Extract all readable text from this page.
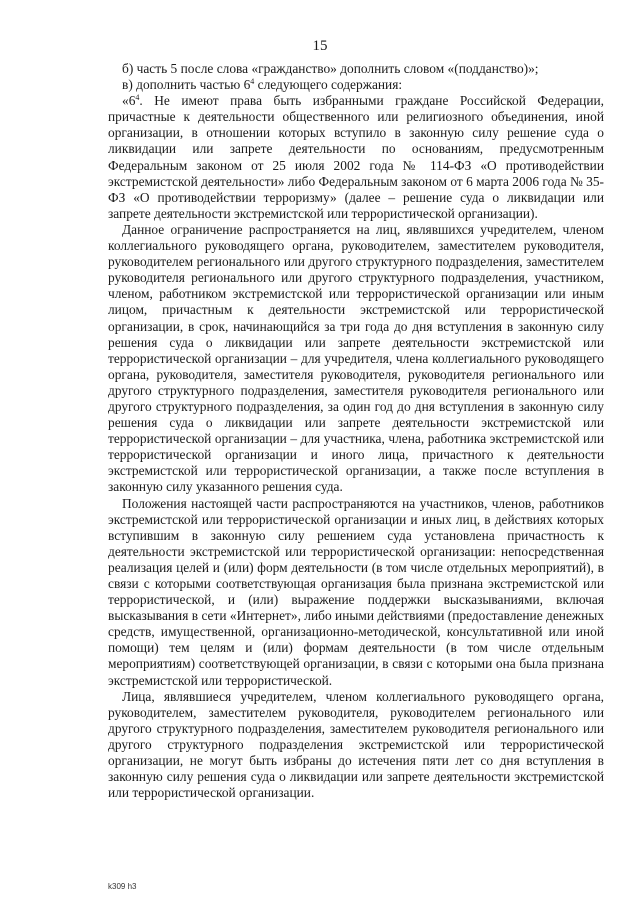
15

б) часть 5 после слова «гражданство» дополнить словом «(подданство)»;

в) дополнить частью $6^4$ следующего содержания:

«$6^4$. Не имеют права быть избранными граждане Российской Федерации, причастные к деятельности общественного или религиозного объединения, иной организации, в отношении которых вступило в законную силу решение суда о ликвидации или запрете деятельности по основаниям, предусмотренным Федеральным законом от 25 июля 2002 года № 114-ФЗ «О противодействии экстремистской деятельности» либо Федеральным законом от 6 марта 2006 года № 35-ФЗ «О противодействии терроризму» (далее – решение суда о ликвидации или запрете деятельности экстремистской или террористической организации).

Данное ограничение распространяется на лиц, являвшихся учредителем, членом коллегиального руководящего органа, руководителем, заместителем руководителя, руководителем регионального или другого структурного подразделения, заместителем руководителя регионального или другого структурного подразделения, участником, членом, работником экстремистской или террористической организации или иным лицом, причастным к деятельности экстремистской или террористической организации, в срок, начинающийся за три года до дня вступления в законную силу решения суда о ликвидации или запрете деятельности экстремистской или террористической организации – для учредителя, члена коллегиального руководящего органа, руководителя, заместителя руководителя, руководителя регионального или другого структурного подразделения, заместителя руководителя регионального или другого структурного подразделения, за один год до дня вступления в законную силу решения суда о ликвидации или запрете деятельности экстремистской или террористической организации – для участника, члена, работника экстремистской или террористической организации и иного лица, причастного к деятельности экстремистской или террористической организации, а также после вступления в законную силу указанного решения суда.

Положения настоящей части распространяются на участников, членов, работников экстремистской или террористической организации и иных лиц, в действиях которых вступившим в законную силу решением суда установлена причастность к деятельности экстремистской или террористической организации: непосредственная реализация целей и (или) форм деятельности (в том числе отдельных мероприятий), в связи с которыми соответствующая организация была признана экстремистской или террористической, и (или) выражение поддержки высказываниями, включая высказывания в сети «Интернет», либо иными действиями (предоставление денежных средств, имущественной, организационно-методической, консультативной или иной помощи) тем целям и (или) формам деятельности (в том числе отдельным мероприятиям) соответствующей организации, в связи с которыми она была признана экстремистской или террористической.

Лица, являвшиеся учредителем, членом коллегиального руководящего органа, руководителем, заместителем руководителя, руководителем регионального или другого структурного подразделения, заместителем руководителя регионального или другого структурного подразделения экстремистской или террористической организации, не могут быть избраны до истечения пяти лет со дня вступления в законную силу решения суда о ликвидации или запрете деятельности экстремистской или террористической организации.

k309 h3
